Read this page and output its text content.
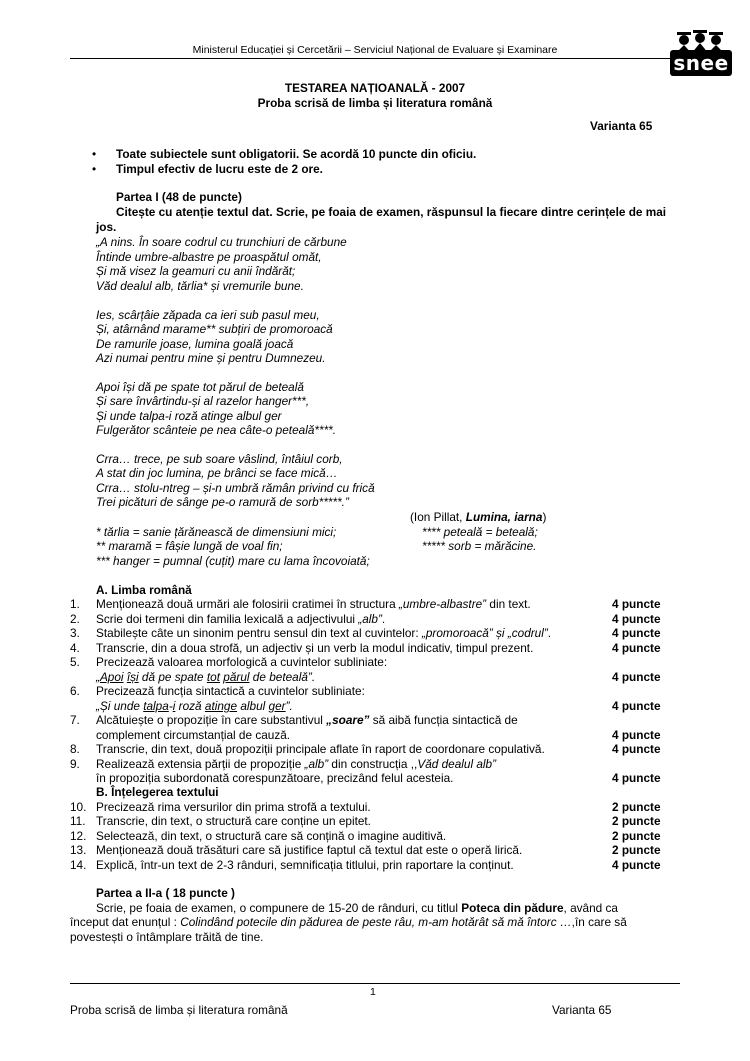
Ministerul Educației și Cercetării – Serviciul Național de Evaluare și Examinare
snee
TESTAREA NAȚIOANALĂ - 2007
Proba scrisă de limba și literatura română
Varianta 65
• Toate subiectele sunt obligatorii. Se acordă 10 puncte din oficiu.
• Timpul efectiv de lucru este de 2 ore.
Partea I (48 de puncte)
Citește cu atenție textul dat. Scrie, pe foaia de examen, răspunsul la fiecare dintre cerințele de mai
jos.
„A nins. În soare codrul cu trunchiuri de cărbune
Întinde umbre-albastre pe proaspătul omăt,
Și mă visez la geamuri cu anii îndărăt;
Văd dealul alb, tărlia* și vremurile bune.
Ies, scârțâie zăpada ca ieri sub pasul meu,
Și, atârnând marame** subțiri de promoroacă
De ramurile joase, lumina goală joacă
Azi numai pentru mine și pentru Dumnezeu.
Apoi își dă pe spate tot părul de beteală
Și sare învârtindu-și al razelor hanger***,
Și unde talpa-i roză atinge albul ger
Fulgerător scânteie pe nea câte-o peteală****.
Crra… trece, pe sub soare vâslind, întâiul corb,
A stat din joc lumina, pe brânci se face mică…
Crra… stolu-ntreg – și-n umbră rămân privind cu frică
Trei picături de sânge pe-o ramură de sorb*****.”
(Ion Pillat, Lumina, iarna)
* tărlia = sanie țărănească de dimensiuni mici;
** maramă = fâșie lungă de voal fin;
*** hanger = pumnal (cuțit) mare cu lama încovoiată;
**** peteală = beteală;
***** sorb = mărăcine.
A. Limba română
1.	Menționează două urmări ale folosirii cratimei în structura „umbre-albastre” din text.	4 puncte
2.	Scrie doi termeni din familia lexicală a adjectivului „alb”.	4 puncte
3.	Stabilește câte un sinonim pentru sensul din text al cuvintelor: „promoroacă” și „codrul”.	4 puncte
4.	Transcrie, din a doua strofă, un adjectiv și un verb la modul indicativ, timpul prezent.	4 puncte
5.	Precizează valoarea morfologică a cuvintelor subliniate:
„Apoi își dă pe spate tot părul de beteală”.	4 puncte
6.	Precizează funcția sintactică a cuvintelor subliniate:
„Și unde talpa-i roză atinge albul ger”.	4 puncte
7.	Alcătuiește o propoziție în care substantivul „soare” să aibă funcția sintactică de
complement circumstanțial de cauză.	4 puncte
8.	Transcrie, din text, două propoziții principale aflate în raport de coordonare copulativă.	4 puncte
9.	Realizează extensia părții de propoziție „alb” din construcția ,,Văd dealul alb”
în propoziția subordonată corespunzătoare, precizând felul acesteia.	4 puncte
B. Înțelegerea textului
10. Precizează rima versurilor din prima strofă a textului.	2 puncte
11. Transcrie, din text, o structură care conține un epitet.	2 puncte
12. Selectează, din text, o structură care să conțină o imagine auditivă.	2 puncte
13. Menționează două trăsături care să justifice faptul că textul dat este o operă lirică.	2 puncte
14. Explică, într-un text de 2-3 rânduri, semnificația titlului, prin raportare la conținut.	4 puncte
Partea a II-a ( 18 puncte )
Scrie, pe foaia de examen, o compunere de 15-20 de rânduri, cu titlul Poteca din pădure, având ca
început dat enunțul : Colindând potecile din pădurea de peste râu, m-am hotărât să mă întorc …,în care să
povestești o întâmplare trăită de tine.
1
Proba scrisă de limba și literatura română	Varianta 65
